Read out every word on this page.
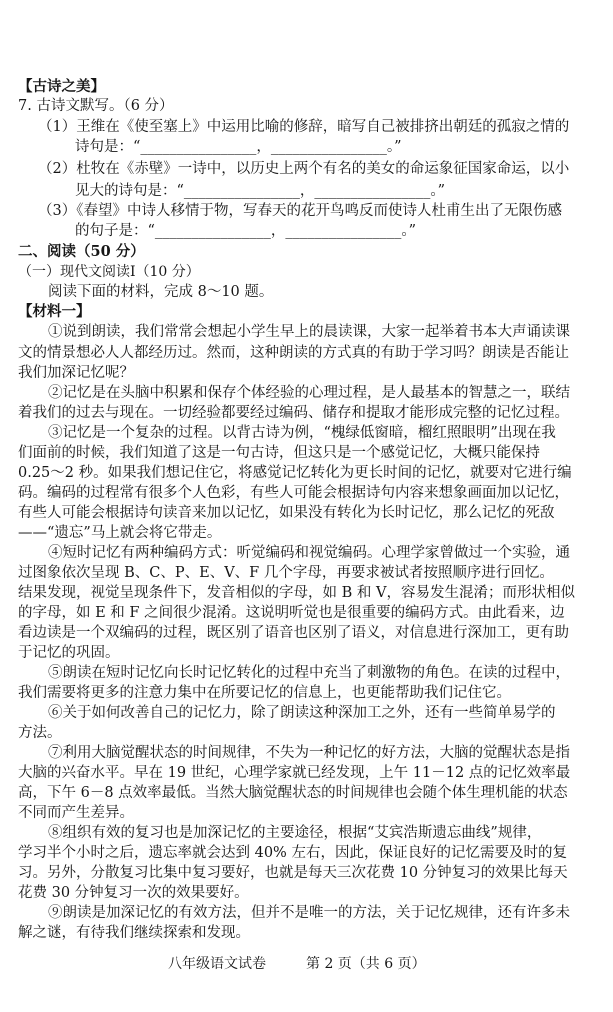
【古诗之美】
7. 古诗文默写。（6 分）
（1）王维在《使至塞上》中运用比喻的修辞，暗写自己被排挤出朝廷的孤寂之情的
诗句是：“________________，________________。”
（2）杜牧在《赤壁》一诗中，以历史上两个有名的美女的命运象征国家命运，以小
见大的诗句是：“________________，________________。”
（3）《春望》中诗人移情于物，写春天的花开鸟鸣反而使诗人杜甫生出了无限伤感
的句子是：“________________，________________。”
二、阅读（50 分）
（一）现代文阅读Ⅰ（10 分）
阅读下面的材料，完成 8～10 题。
【材料一】
①说到朗读，我们常常会想起小学生早上的晨读课，大家一起举着书本大声诵读课
文的情景想必人人都经历过。然而，这种朗读的方式真的有助于学习吗？朗读是否能让
我们加深记忆呢？
②记忆是在头脑中积累和保存个体经验的心理过程，是人最基本的智慧之一，联结
着我们的过去与现在。一切经验都要经过编码、储存和提取才能形成完整的记忆过程。
③记忆是一个复杂的过程。以背古诗为例，“槐绿低窗暗，榴红照眼明”出现在我
们面前的时候，我们知道了这是一句古诗，但这只是一个感觉记忆，大概只能保持
0.25～2 秒。如果我们想记住它，将感觉记忆转化为更长时间的记忆，就要对它进行编
码。编码的过程常有很多个人色彩，有些人可能会根据诗句内容来想象画面加以记忆，
有些人可能会根据诗句读音来加以记忆，如果没有转化为长时记忆，那么记忆的死敌
——“遗忘”马上就会将它带走。
④短时记忆有两种编码方式：听觉编码和视觉编码。心理学家曾做过一个实验，通
过图象依次呈现 B、C、P、E、V、F 几个字母，再要求被试者按照顺序进行回忆。
结果发现，视觉呈现条件下，发音相似的字母，如 B 和 V，容易发生混淆；而形状相似
的字母，如 E 和 F 之间很少混淆。这说明听觉也是很重要的编码方式。由此看来，边
看边读是一个双编码的过程，既区别了语音也区别了语义，对信息进行深加工，更有助
于记忆的巩固。
⑤朗读在短时记忆向长时记忆转化的过程中充当了刺激物的角色。在读的过程中，
我们需要将更多的注意力集中在所要记忆的信息上，也更能帮助我们记住它。
⑥关于如何改善自己的记忆力，除了朗读这种深加工之外，还有一些简单易学的
方法。
⑦利用大脑觉醒状态的时间规律，不失为一种记忆的好方法，大脑的觉醒状态是指
大脑的兴奋水平。早在 19 世纪，心理学家就已经发现，上午 11－12 点的记忆效率最
高，下午 6－8 点效率最低。当然大脑觉醒状态的时间规律也会随个体生理机能的状态
不同而产生差异。
⑧组织有效的复习也是加深记忆的主要途径，根据“艾宾浩斯遗忘曲线”规律，
学习半个小时之后，遗忘率就会达到 40% 左右，因此，保证良好的记忆需要及时的复
习。另外，分散复习比集中复习要好，也就是每天三次花费 10 分钟复习的效果比每天
花费 30 分钟复习一次的效果要好。
⑨朗读是加深记忆的有效方法，但并不是唯一的方法，关于记忆规律，还有许多未
解之谜，有待我们继续探索和发现。
八年级语文试卷	第 2 页（共 6 页）
